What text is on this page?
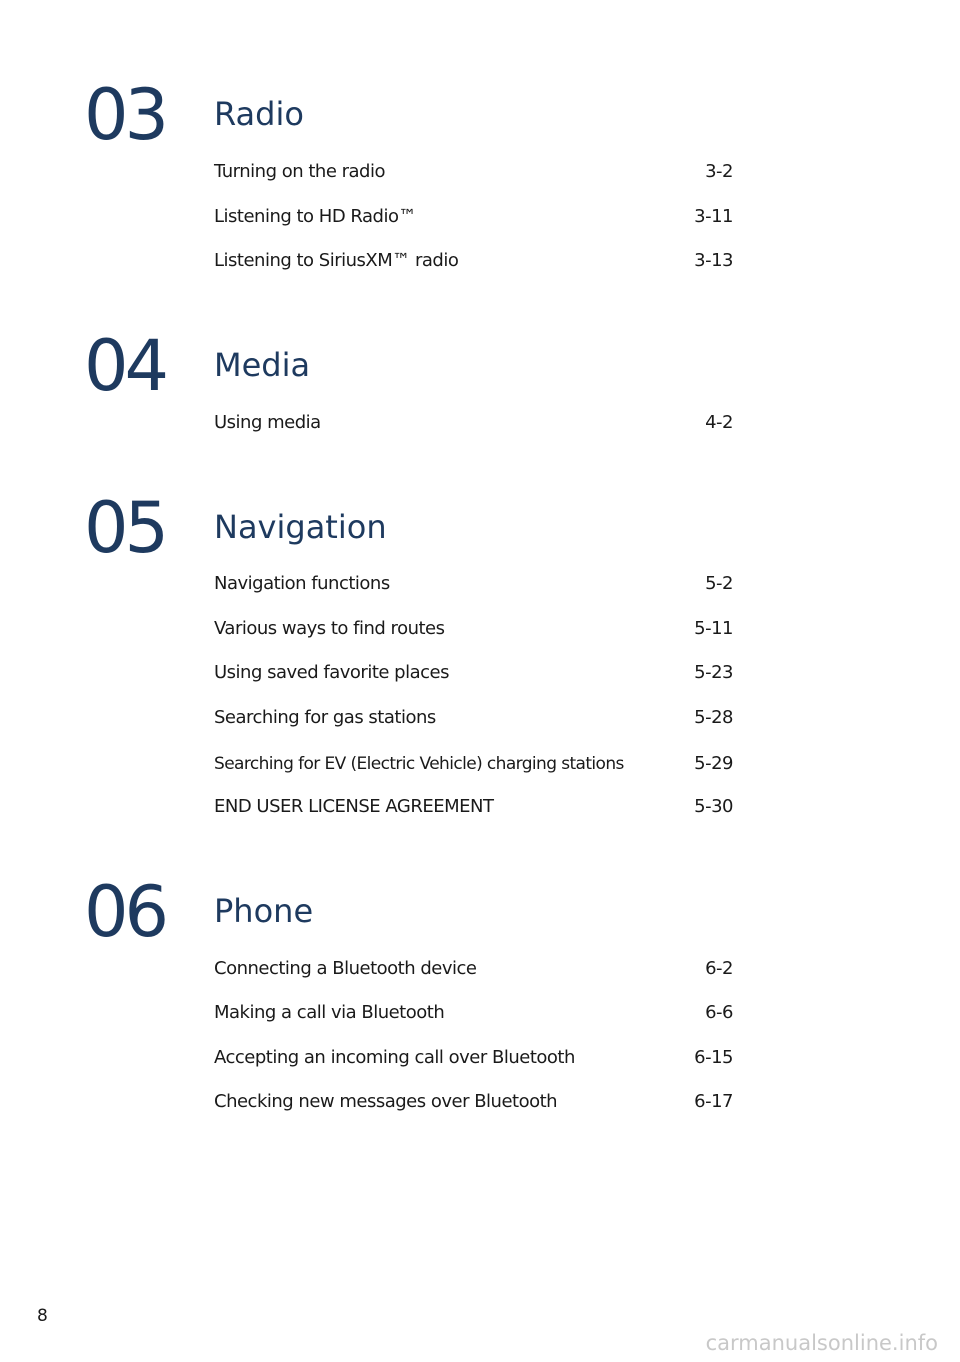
03 Radio
Turning on the radio	3-2
Listening to HD Radio™	3-11
Listening to SiriusXM™ radio	3-13
04 Media
Using media	4-2
05 Navigation
Navigation functions	5-2
Various ways to find routes	5-11
Using saved favorite places	5-23
Searching for gas stations	5-28
Searching for EV (Electric Vehicle) charging stations	5-29
END USER LICENSE AGREEMENT	5-30
06 Phone
Connecting a Bluetooth device	6-2
Making a call via Bluetooth	6-6
Accepting an incoming call over Bluetooth	6-15
Checking new messages over Bluetooth	6-17
8
carmanualsonline.info
